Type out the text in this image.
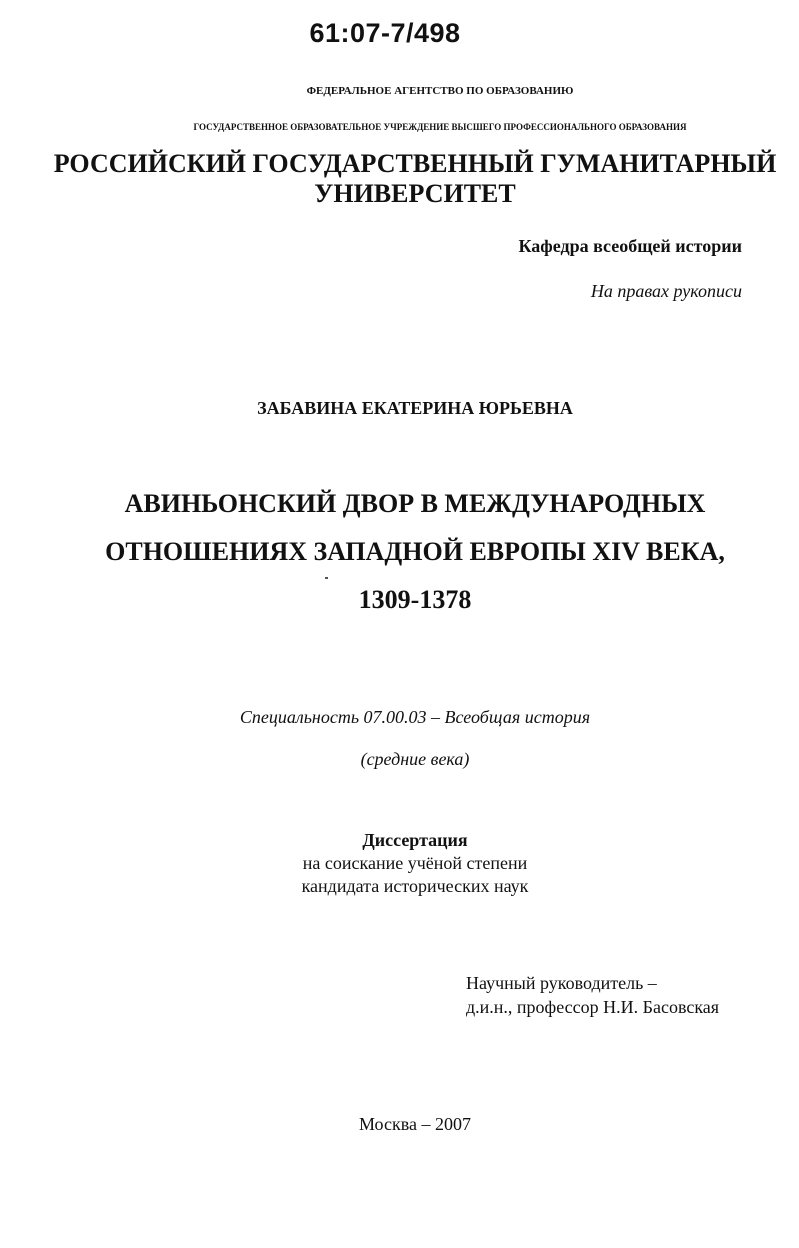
61:07-7/498
ФЕДЕРАЛЬНОЕ АГЕНТСТВО ПО ОБРАЗОВАНИЮ
ГОСУДАРСТВЕННОЕ ОБРАЗОВАТЕЛЬНОЕ УЧРЕЖДЕНИЕ ВЫСШЕГО ПРОФЕССИОНАЛЬНОГО ОБРАЗОВАНИЯ
РОССИЙСКИЙ ГОСУДАРСТВЕННЫЙ ГУМАНИТАРНЫЙ
УНИВЕРСИТЕТ
Кафедра всеобщей истории
На правах рукописи
ЗАБАВИНА ЕКАТЕРИНА ЮРЬЕВНА
АВИНЬОНСКИЙ ДВОР В МЕЖДУНАРОДНЫХ
ОТНОШЕНИЯХ ЗАПАДНОЙ ЕВРОПЫ XIV ВЕКА,
1309-1378
Специальность 07.00.03 – Всеобщая история
(средние века)
Диссертация
на соискание учёной степени
кандидата исторических наук
Научный руководитель –
д.и.н., профессор Н.И. Басовская
Москва – 2007
